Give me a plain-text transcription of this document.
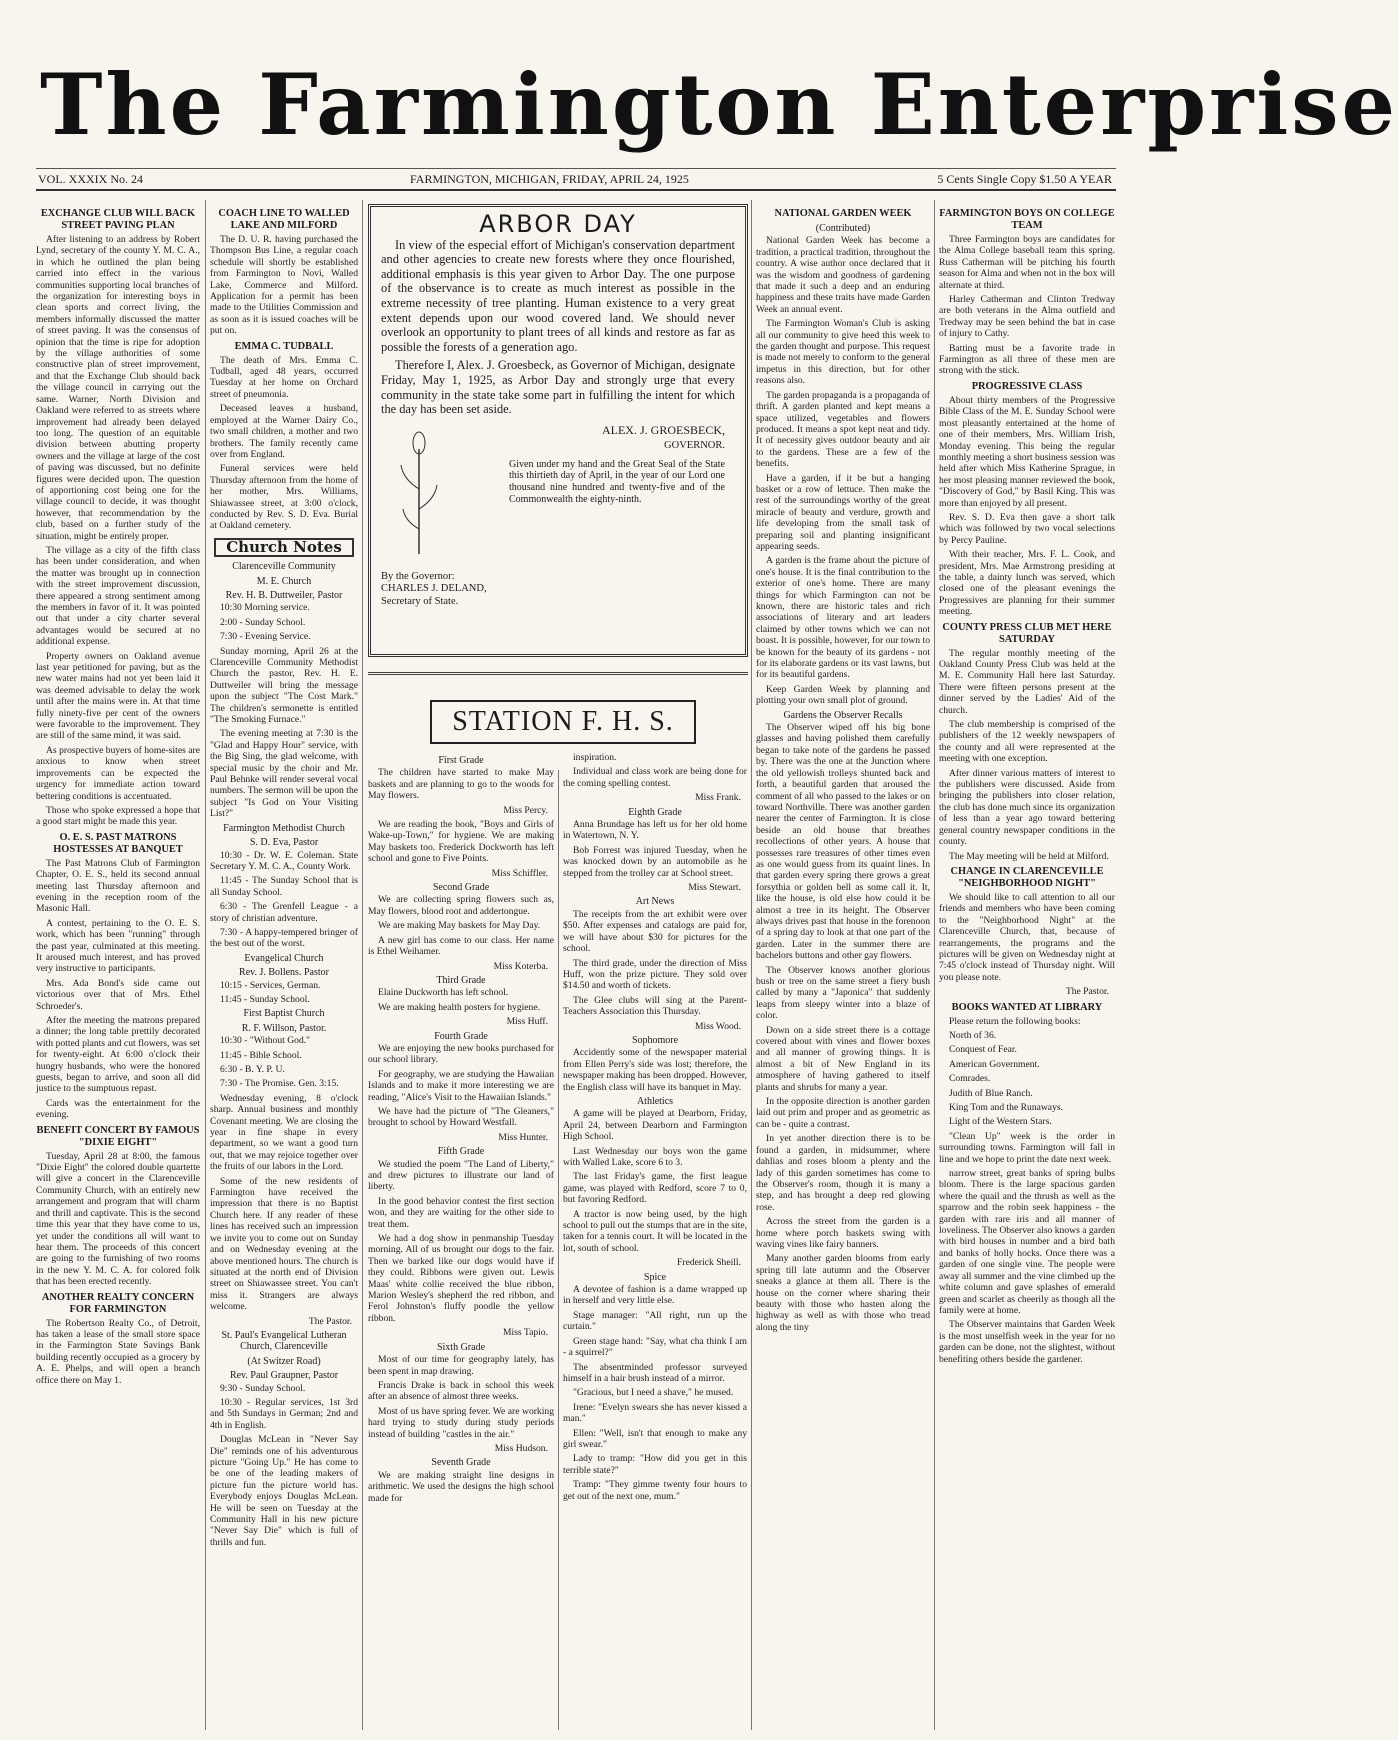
The Farmington Enterprise
VOL. XXXIX No. 24	FARMINGTON, MICHIGAN, FRIDAY, APRIL 24, 1925	5 Cents Single Copy $1.50 A YEAR
EXCHANGE CLUB WILL BACK STREET PAVING PLAN

After listening to an address by Robert Lynd, secretary of the county Y. M. C. A., in which he outlined the plan being carried into effect in the various communities supporting local branches of the organization for interesting boys in clean sports and correct living, the members informally discussed the matter of street paving. It was the consensus of opinion that the time is ripe for adoption by the village authorities of some constructive plan of street improvement, and that the Exchange Club should back the village council in carrying out the same. Warner, North Division and Oakland were referred to as streets where improvement had already been delayed too long. The question of an equitable division between abutting property owners and the village at large of the cost of paving was discussed, but no definite figures were decided upon. The question of apportioning cost being one for the village council to decide, it was thought however, that recommendation by the club, based on a further study of the situation, might be entirely proper.

The village as a city of the fifth class has been under consideration, and when the matter was brought up in connection with the street improvement discussion, there appeared a strong sentiment among the members in favor of it. It was pointed out that under a city charter several advantages would be secured at no additional expense.

Property owners on Oakland avenue last year petitioned for paving, but as the new water mains had not yet been laid it was deemed advisable to delay the work until after the mains were in. At that time fully ninety-five per cent of the owners were favorable to the improvement. They are still of the same mind, it was said.

As prospective buyers of home-sites are anxious to know when street improvements can be expected the urgency for immediate action toward bettering conditions is accentuated.

Those who spoke expressed a hope that a good start might be made this year.

O. E. S. PAST MATRONS HOSTESSES AT BANQUET

The Past Matrons Club of Farmington Chapter, O. E. S., held its second annual meeting last Thursday afternoon and evening in the reception room of the Masonic Hall.

A contest, pertaining to the O. E. S. work, which has been "running" through the past year, culminated at this meeting. It aroused much interest, and has proved very instructive to participants.

Mrs. Ada Bond's side came out victorious over that of Mrs. Ethel Schroeder's.

After the meeting the matrons prepared a dinner; the long table prettily decorated with potted plants and cut flowers, was set for twenty-eight. At 6:00 o'clock their hungry husbands, who were the honored guests, began to arrive, and soon all did justice to the sumptuous repast.

Cards was the entertainment for the evening.

BENEFIT CONCERT BY FAMOUS "DIXIE EIGHT"

Tuesday, April 28 at 8:00, the famous "Dixie Eight" the colored double quartette will give a concert in the Clarenceville Community Church, with an entirely new arrangement and program that will charm and thrill and captivate. This is the second time this year that they have come to us, yet under the conditions all will want to hear them. The proceeds of this concert are going to the furnishing of two rooms in the new Y. M. C. A. for colored folk that has been erected recently.

ANOTHER REALTY CONCERN FOR FARMINGTON

The Robertson Realty Co., of Detroit, has taken a lease of the small store space in the Farmington State Savings Bank building recently occupied as a grocery by A. E. Phelps, and will open a branch office there on May 1.

COACH LINE TO WALLED LAKE AND MILFORD

The D. U. R. having purchased the Thompson Bus Line, a regular coach schedule will shortly be established from Farmington to Novi, Walled Lake, Commerce and Milford. Application for a permit has been made to the Utilities Commission and as soon as it is issued coaches will be put on.

EMMA C. TUDBALL

The death of Mrs. Emma C. Tudball, aged 48 years, occurred Tuesday at her home on Orchard street of pneumonia.

Deceased leaves a husband, employed at the Warner Dairy Co., two small children, a mother and two brothers. The family recently came over from England.

Funeral services were held Thursday afternoon from the home of her mother, Mrs. Williams, Shiawassee street, at 3:00 o'clock, conducted by Rev. S. D. Eva. Burial at Oakland cemetery.

Church Notes
Clarenceville Community
M. E. Church
Rev. H. B. Duttweiler, Pastor

10:30 Morning service.

2:00 - Sunday School.

7:30 - Evening Service.

Sunday morning, April 26 at the Clarenceville Community Methodist Church the pastor, Rev. H. E. Duttweiler will bring the message upon the subject "The Cost Mark." The children's sermonette is entitled "The Smoking Furnace."

The evening meeting at 7:30 is the "Glad and Happy Hour" service, with the Big Sing, the glad welcome, with special music by the choir and Mr. Paul Behnke will render several vocal numbers. The sermon will be upon the subject "Is God on Your Visiting List?"

Farmington Methodist Church
S. D. Eva, Pastor

10:30 - Dr. W. E. Coleman. State Secretary Y. M. C. A., County Work.

11:45 - The Sunday School that is all Sunday School.

6:30 - The Grenfell League - a story of christian adventure.

7:30 - A happy-tempered bringer of the best out of the worst.

Evangelical Church
Rev. J. Bollens. Pastor

10:15 - Services, German.

11:45 - Sunday School.

First Baptist Church
R. F. Willson, Pastor.

10:30 - "Without God."

11:45 - Bible School.

6:30 - B. Y. P. U.

7:30 - The Promise. Gen. 3:15.

Wednesday evening, 8 o'clock sharp. Annual business and monthly Covenant meeting. We are closing the year in fine shape in every department, so we want a good turn out, that we may rejoice together over the fruits of our labors in the Lord.

Some of the new residents of Farmington have received the impression that there is no Baptist Church here. If any reader of these lines has received such an impression we invite you to come out on Sunday and on Wednesday evening at the above mentioned hours. The church is situated at the north end of Division street on Shiawassee street. You can't miss it. Strangers are always welcome.

The Pastor.
St. Paul's Evangelical Lutheran Church, Clarenceville
(At Switzer Road)
Rev. Paul Graupner, Pastor

9:30 - Sunday School.

10:30 - Regular services, 1st 3rd and 5th Sundays in German; 2nd and 4th in English.

Douglas McLean in "Never Say Die" reminds one of his adventurous picture "Going Up." He has come to be one of the leading makers of picture fun the picture world has. Everybody enjoys Douglas McLean. He will be seen on Tuesday at the Community Hall in his new picture "Never Say Die" which is full of thrills and fun.

ARBOR DAY

In view of the especial effort of Michigan's conservation department and other agencies to create new forests where they once flourished, additional emphasis is this year given to Arbor Day. The one purpose of the observance is to create as much interest as possible in the extreme necessity of tree planting. Human existence to a very great extent depends upon our wood covered land. We should never overlook an opportunity to plant trees of all kinds and restore as far as possible the forests of a generation ago.

Therefore I, Alex. J. Groesbeck, as Governor of Michigan, designate Friday, May 1, 1925, as Arbor Day and strongly urge that every community in the state take some part in fulfilling the intent for which the day has been set aside.

ALEX. J. GROESBECK,
GOVERNOR.
Given under my hand and the Great Seal of the State this thirtieth day of April, in the year of our Lord one thousand nine hundred and twenty-five and of the Commonwealth the eighty-ninth.
By the Governor:
CHARLES J. DELAND,
Secretary of State.
STATION F. H. S.
First Grade

The children have started to make May baskets and are planning to go to the woods for May flowers.

Miss Percy.

We are reading the book, "Boys and Girls of Wake-up-Town," for hygiene. We are making May baskets too. Frederick Dockworth has left school and gone to Five Points.

Miss Schiffler.
Second Grade

We are collecting spring flowers such as, May flowers, blood root and addertongue.

We are making May baskets for May Day.

A new girl has come to our class. Her name is Ethel Weihamer.

Miss Koterba.
Third Grade

Elaine Duckworth has left school.

We are making health posters for hygiene.

Miss Huff.
Fourth Grade

We are enjoying the new books purchased for our school library.

For geography, we are studying the Hawaiian Islands and to make it more interesting we are reading, "Alice's Visit to the Hawaiian Islands."

We have had the picture of "The Gleaners," brought to school by Howard Westfall.

Miss Hunter.
Fifth Grade

We studied the poem "The Land of Liberty," and drew pictures to illustrate our land of liberty.

In the good behavior contest the first section won, and they are waiting for the other side to treat them.

We had a dog show in penmanship Tuesday morning. All of us brought our dogs to the fair. Then we barked like our dogs would have if they could. Ribbons were given out. Lewis Maas' white collie received the blue ribbon, Marion Wesley's shepherd the red ribbon, and Ferol Johnston's fluffy poodle the yellow ribbon.

Miss Tapio.
Sixth Grade

Most of our time for geography lately, has been spent in map drawing.

Francis Drake is back in school this week after an absence of almost three weeks.

Most of us have spring fever. We are working hard trying to study during study periods instead of building "castles in the air."

Miss Hudson.
Seventh Grade

We are making straight line designs in arithmetic. We used the designs the high school made for

inspiration.

Individual and class work are being done for the coming spelling contest.

Miss Frank.
Eighth Grade

Anna Brundage has left us for her old home in Watertown, N. Y.

Bob Forrest was injured Tuesday, when he was knocked down by an automobile as he stepped from the trolley car at School street.

Miss Stewart.
Art News

The receipts from the art exhibit were over $50. After expenses and catalogs are paid for, we will have about $30 for pictures for the school.

The third grade, under the direction of Miss Huff, won the prize picture. They sold over $14.50 and worth of tickets.

The Glee clubs will sing at the Parent-Teachers Association this Thursday.

Miss Wood.
Sophomore

Accidently some of the newspaper material from Ellen Perry's side was lost; therefore, the newspaper making has been dropped. However, the English class will have its banquet in May.

Athletics

A game will be played at Dearborn, Friday, April 24, between Dearborn and Farmington High School.

Last Wednesday our boys won the game with Walled Lake, score 6 to 3.

The last Friday's game, the first league game, was played with Redford, score 7 to 0, but favoring Redford.

A tractor is now being used, by the high school to pull out the stumps that are in the site, taken for a tennis court. It will be located in the lot, south of school.

Frederick Sheill.
Spice

A devotee of fashion is a dame wrapped up in herself and very little else.

Stage manager: "All right, run up the curtain."

Green stage hand: "Say, what cha think I am - a squirrel?"

The absentminded professor surveyed himself in a hair brush instead of a mirror.

"Gracious, but I need a shave," he mused.

Irene: "Evelyn swears she has never kissed a man."

Ellen: "Well, isn't that enough to make any girl swear."

Lady to tramp: "How did you get in this terrible state?"

Tramp: "They gimme twenty four hours to get out of the next one, mum."

NATIONAL GARDEN WEEK
(Contributed)

National Garden Week has become a tradition, a practical tradition, throughout the country. A wise author once declared that it was the wisdom and goodness of gardening that made it such a deep and an enduring happiness and these traits have made Garden Week an annual event.

The Farmington Woman's Club is asking all our community to give heed this week to the garden thought and purpose. This request is made not merely to conform to the general impetus in this direction, but for other reasons also.

The garden propaganda is a propaganda of thrift. A garden planted and kept means a space utilized, vegetables and flowers produced. It means a spot kept neat and tidy. It of necessity gives outdoor beauty and air to the gardens. These are a few of the benefits.

Have a garden, if it be but a hanging basket or a row of lettuce. Then make the rest of the surroundings worthy of the great miracle of beauty and verdure, growth and life developing from the small task of preparing soil and planting insignificant appearing seeds.

A garden is the frame about the picture of one's house. It is the final contribution to the exterior of one's home. There are many things for which Farmington can not be known, there are historic tales and rich associations of literary and art leaders claimed by other towns which we can not boast. It is possible, however, for our town to be known for the beauty of its gardens - not for its elaborate gardens or its vast lawns, but for its beautiful gardens.

Keep Garden Week by planning and plotting your own small plot of ground.

Gardens the Observer Recalls

The Observer wiped off his big bone glasses and having polished them carefully began to take note of the gardens he passed by. There was the one at the Junction where the old yellowish trolleys shunted back and forth, a beautiful garden that aroused the comment of all who passed to the lakes or on toward Northville. There was another garden nearer the center of Farmington. It is close beside an old house that breathes recollections of other years. A house that possesses rare treasures of other times even as one would guess from its quaint lines. In that garden every spring there grows a great forsythia or golden bell as some call it. It, like the house, is old else how could it be almost a tree in its height. The Observer always drives past that house in the forenoon of a spring day to look at that one part of the garden. Later in the summer there are bachelors buttons and other gay flowers.

The Observer knows another glorious bush or tree on the same street a fiery bush called by many a "Japonica" that suddenly leaps from sleepy winter into a blaze of color.

Down on a side street there is a cottage covered about with vines and flower boxes and all manner of growing things. It is almost a bit of New England in its atmosphere of having gathered to itself plants and shrubs for many a year.

In the opposite direction is another garden laid out prim and proper and as geometric as can be - quite a contrast.

In yet another direction there is to be found a garden, in midsummer, where dahlias and roses bloom a plenty and the lady of this garden sometimes has come to the Observer's room, though it is many a step, and has brought a deep red glowing rose.

Across the street from the garden is a home where porch baskets swing with waving vines like fairy banners.

Many another garden blooms from early spring till late autumn and the Observer sneaks a glance at them all. There is the house on the corner where sharing their beauty with those who hasten along the highway as well as with those who tread along the tiny

FARMINGTON BOYS ON COLLEGE TEAM

Three Farmington boys are candidates for the Alma College baseball team this spring. Russ Catherman will be pitching his fourth season for Alma and when not in the box will alternate at third.

Harley Catherman and Clinton Tredway are both veterans in the Alma outfield and Tredway may be seen behind the bat in case of injury to Cathy.

Batting must be a favorite trade in Farmington as all three of these men are strong with the stick.

PROGRESSIVE CLASS

About thirty members of the Progressive Bible Class of the M. E. Sunday School were most pleasantly entertained at the home of one of their members, Mrs. William Irish, Monday evening. This being the regular monthly meeting a short business session was held after which Miss Katherine Sprague, in her most pleasing manner reviewed the book, "Discovery of God," by Basil King. This was more than enjoyed by all present.

Rev. S. D. Eva then gave a short talk which was followed by two vocal selections by Percy Pauline.

With their teacher, Mrs. F. L. Cook, and president, Mrs. Mae Armstrong presiding at the table, a dainty lunch was served, which closed one of the pleasant evenings the Progressives are planning for their summer meeting.

COUNTY PRESS CLUB MET HERE SATURDAY

The regular monthly meeting of the Oakland County Press Club was held at the M. E. Community Hall here last Saturday. There were fifteen persons present at the dinner served by the Ladies' Aid of the church.

The club membership is comprised of the publishers of the 12 weekly newspapers of the county and all were represented at the meeting with one exception.

After dinner various matters of interest to the publishers were discussed. Aside from bringing the publishers into closer relation, the club has done much since its organization of less than a year ago toward bettering general country newspaper conditions in the county.

The May meeting will be held at Milford.

CHANGE IN CLARENCEVILLE "NEIGHBORHOOD NIGHT"

We should like to call attention to all our friends and members who have been coming to the "Neighborhood Night" at the Clarenceville Church, that, because of rearrangements, the programs and the pictures will be given on Wednesday night at 7:45 o'clock instead of Thursday night. Will you please note.

The Pastor.
BOOKS WANTED AT LIBRARY

Please return the following books:

North of 36.

Conquest of Fear.

American Government.

Comrades.

Judith of Blue Ranch.

King Tom and the Runaways.

Light of the Western Stars.

"Clean Up" week is the order in surrounding towns. Farmington will fall in line and we hope to print the date next week.

narrow street, great banks of spring bulbs bloom. There is the large spacious garden where the quail and the thrush as well as the sparrow and the robin seek happiness - the garden with rare iris and all manner of loveliness. The Observer also knows a garden with bird houses in number and a bird bath and banks of holly hocks. Once there was a garden of one single vine. The people were away all summer and the vine climbed up the white column and gave splashes of emerald green and scarlet as cheerily as though all the family were at home.

The Observer maintains that Garden Week is the most unselfish week in the year for no garden can be done, not the slightest, without benefiting others beside the gardener.
